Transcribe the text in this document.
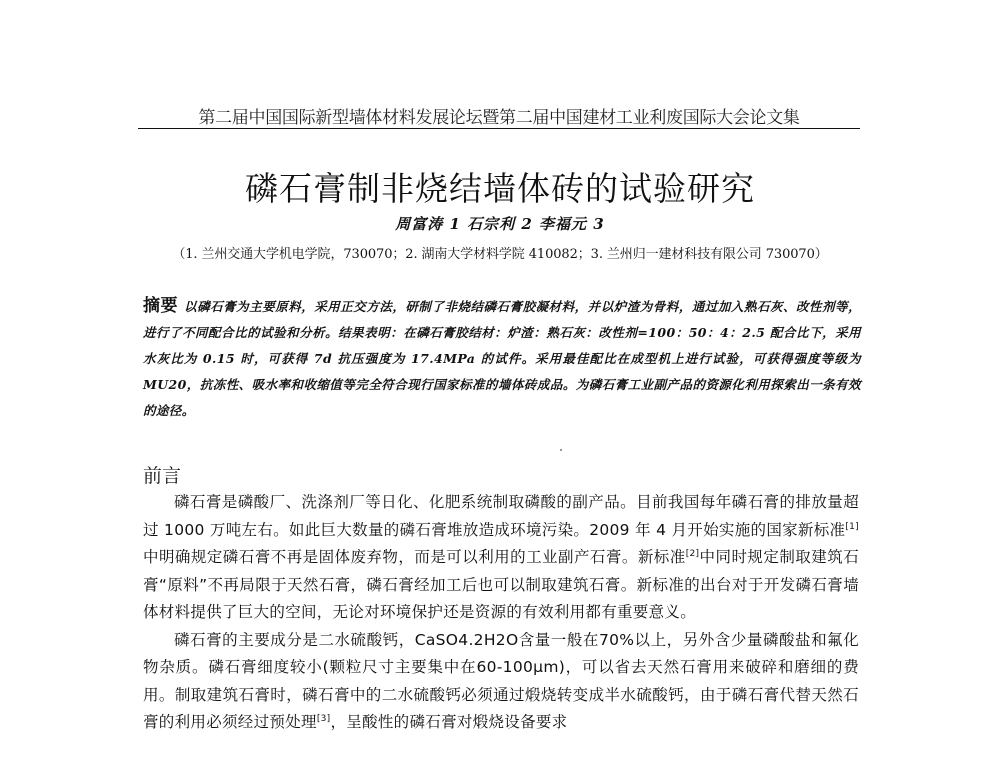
第二届中国国际新型墙体材料发展论坛暨第二届中国建材工业利废国际大会论文集
磷石膏制非烧结墙体砖的试验研究
周富涛 1 石宗利 2 李福元 3
（1. 兰州交通大学机电学院，730070；2. 湖南大学材料学院 410082；3. 兰州归一建材科技有限公司 730070）
摘要 以磷石膏为主要原料，采用正交方法，研制了非烧结磷石膏胶凝材料，并以炉渣为骨料，通过加入熟石灰、改性剂等，进行了不同配合比的试验和分析。结果表明：在磷石膏胶结材：炉渣：熟石灰：改性剂=100：50：4：2.5 配合比下，采用水灰比为 0.15 时，可获得 7d 抗压强度为 17.4MPa 的试件。采用最佳配比在成型机上进行试验，可获得强度等级为 MU20，抗冻性、吸水率和收缩值等完全符合现行国家标准的墙体砖成品。为磷石膏工业副产品的资源化利用探索出一条有效的途径。
前言

磷石膏是磷酸厂、洗涤剂厂等日化、化肥系统制取磷酸的副产品。目前我国每年磷石膏的排放量超过 1000 万吨左右。如此巨大数量的磷石膏堆放造成环境污染。2009 年 4 月开始实施的国家新标准[1]中明确规定磷石膏不再是固体废弃物，而是可以利用的工业副产石膏。新标准[2]中同时规定制取建筑石膏“原料”不再局限于天然石膏，磷石膏经加工后也可以制取建筑石膏。新标准的出台对于开发磷石膏墙体材料提供了巨大的空间，无论对环境保护还是资源的有效利用都有重要意义。

磷石膏的主要成分是二水硫酸钙，CaSO4.2H2O含量一般在70%以上，另外含少量磷酸盐和氟化物杂质。磷石膏细度较小(颗粒尺寸主要集中在60-100μm)，可以省去天然石膏用来破碎和磨细的费用。制取建筑石膏时，磷石膏中的二水硫酸钙必须通过煅烧转变成半水硫酸钙，由于磷石膏代替天然石膏的利用必须经过预处理[3]，呈酸性的磷石膏对煅烧设备要求
